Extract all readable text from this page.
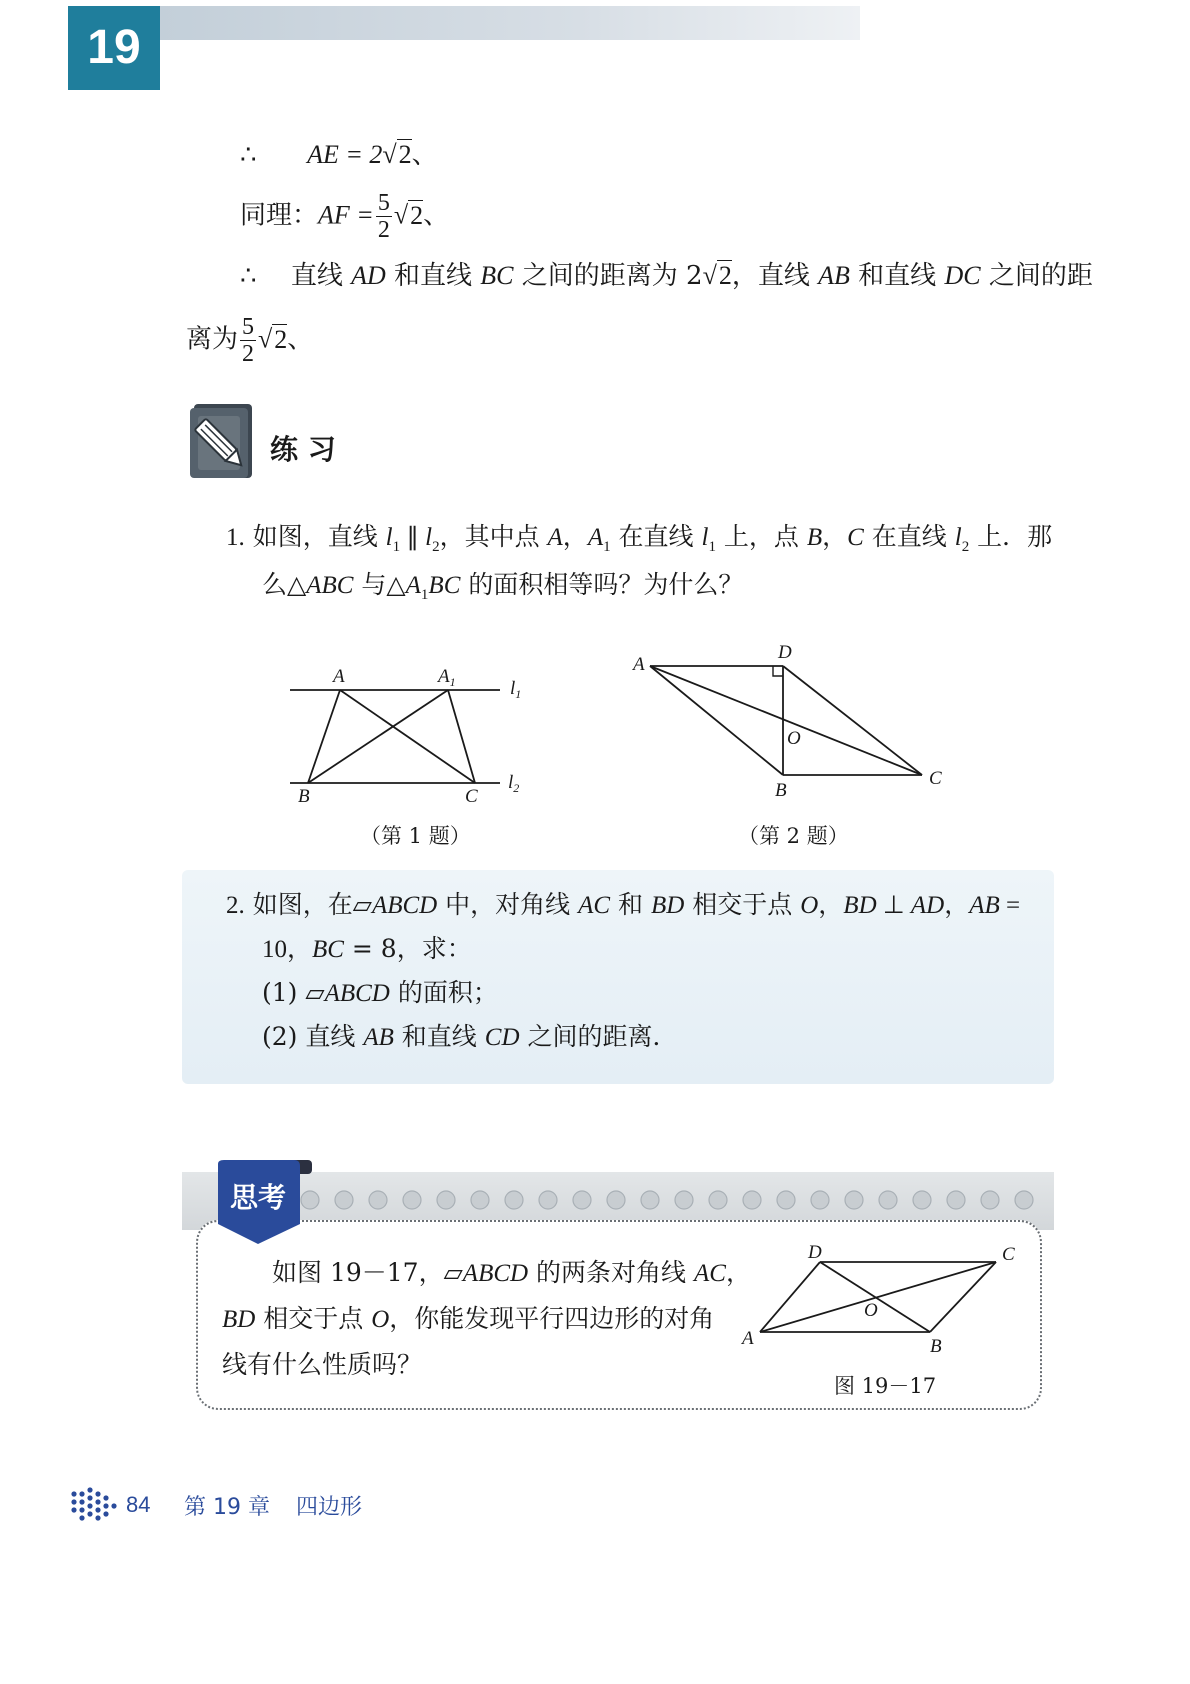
19
∴ AE = 2√2、
同理：AF = $\frac{5}{2} √2$、
∴ 直线 AD 和直线 BC 之间的距离为 2√2，直线 AB 和直线 DC 之间的距
离为 $\frac{5}{2} √2$、
练 习
1. 如图，直线 $l_1$ ∥ $l_2$，其中点 A，$A_1$ 在直线 $l_1$ 上，点 B，C 在直线 $l_2$ 上．那
么△ABC 与$\triangle A_1BC$ 的面积相等吗？为什么？
A	$A_1$	$l_1$
B	C
$l_2$
（第 1 题）
A
D
O
B
C
（第 2 题）
2. 如图，在▱ABCD 中，对角线 AC 和 BD 相交于点 O，BD ⊥ AD，AB =
10，BC = 8，求：
(1) ▱ABCD 的面积；
(2) 直线 AB 和直线 CD 之间的距离．
思考
如图 19－17，▱ABCD 的两条对角线 AC，
BD 相交于点 O，你能发现平行四边形的对角
线有什么性质吗？
D	C
O
A	B
图 19－17
84 第 19 章 四边形
